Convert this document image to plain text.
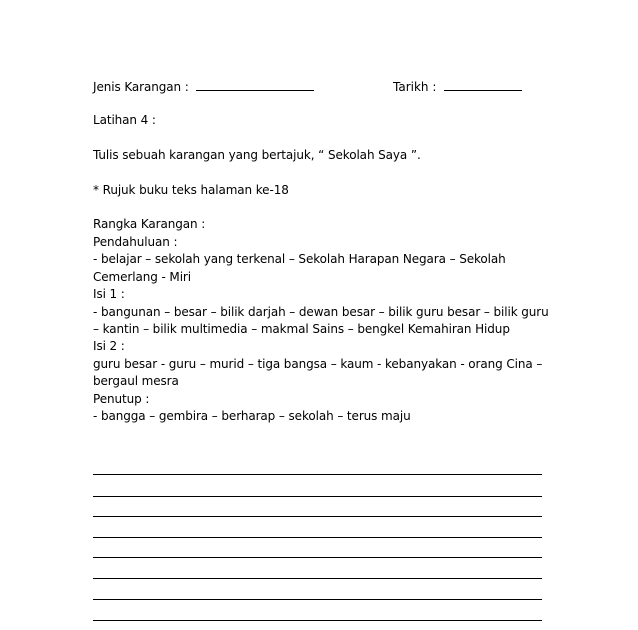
Jenis Karangan :	Tarikh :
Latihan 4 :
Tulis sebuah karangan yang bertajuk, “ Sekolah Saya ”.
* Rujuk buku teks halaman ke-18
Rangka Karangan :
Pendahuluan :
- belajar – sekolah yang terkenal – Sekolah Harapan Negara – Sekolah
Cemerlang - Miri
Isi 1 :
- bangunan – besar – bilik darjah – dewan besar – bilik guru besar – bilik guru
– kantin – bilik multimedia – makmal Sains – bengkel Kemahiran Hidup
Isi 2 :
guru besar - guru – murid – tiga bangsa – kaum - kebanyakan - orang Cina –
bergaul mesra
Penutup :
- bangga – gembira – berharap – sekolah – terus maju
